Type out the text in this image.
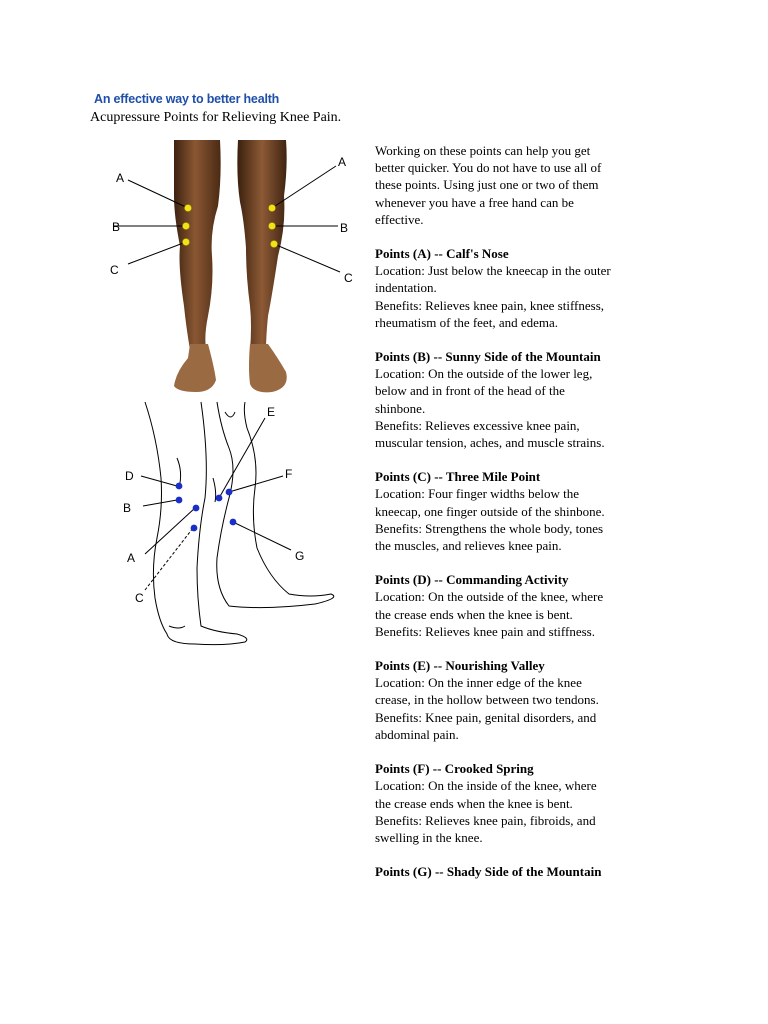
An effective way to better health
Acupressure Points for Relieving Knee Pain.
A
B
C
A
B
C
E
D	F
B
G
A
C

Working on these points can help you get
better quicker. You do not have to use all of
these points. Using just one or two of them
whenever you have a free hand can be
effective.

Points (A) -- Calf's Nose
Location: Just below the kneecap in the outer
indentation.
Benefits: Relieves knee pain, knee stiffness,
rheumatism of the feet, and edema.

Points (B) -- Sunny Side of the Mountain
Location: On the outside of the lower leg,
below and in front of the head of the
shinbone.
Benefits: Relieves excessive knee pain,
muscular tension, aches, and muscle strains.

Points (C) -- Three Mile Point
Location: Four finger widths below the
kneecap, one finger outside of the shinbone.
Benefits: Strengthens the whole body, tones
the muscles, and relieves knee pain.

Points (D) -- Commanding Activity
Location: On the outside of the knee, where
the crease ends when the knee is bent.
Benefits: Relieves knee pain and stiffness.

Points (E) -- Nourishing Valley
Location: On the inner edge of the knee
crease, in the hollow between two tendons.
Benefits: Knee pain, genital disorders, and
abdominal pain.

Points (F) -- Crooked Spring
Location: On the inside of the knee, where
the crease ends when the knee is bent.
Benefits: Relieves knee pain, fibroids, and
swelling in the knee.

Points (G) -- Shady Side of the Mountain
